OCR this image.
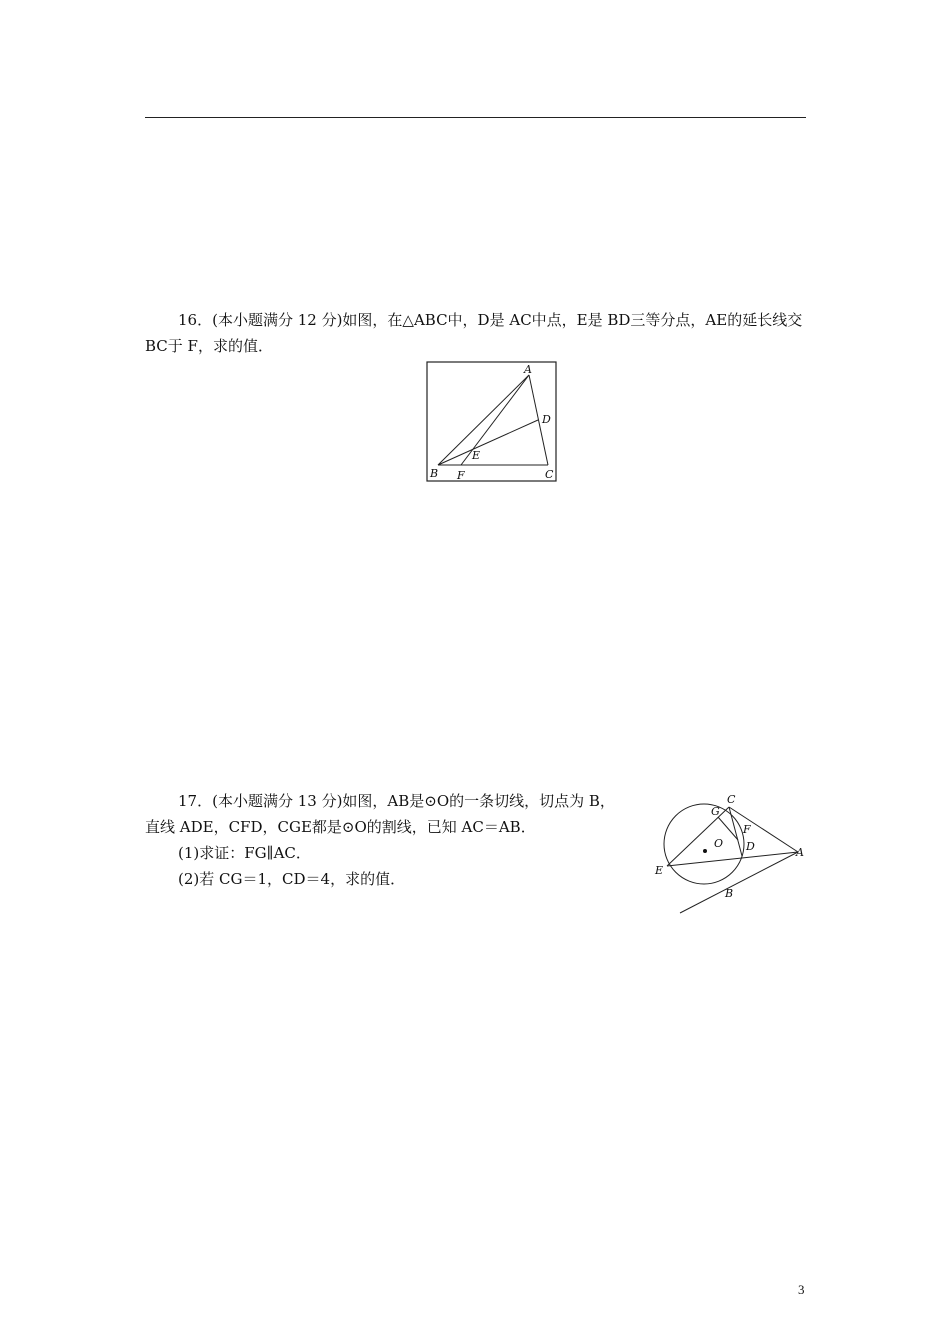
16．(本小题满分 12 分)如图，在△ABC中，D是 AC中点，E是 BD三等分点，AE的延长线交
BC于 F，求的值．
A
D
E
B F	C
17．(本小题满分 13 分)如图，AB是⊙O的一条切线，切点为 B，
直线 ADE，CFD，CGE都是⊙O的割线，已知 AC＝AB．
(1)求证：FG∥AC．
(2)若 CG＝1，CD＝4，求的值．
C
G
F
O D	A
E
B
3
